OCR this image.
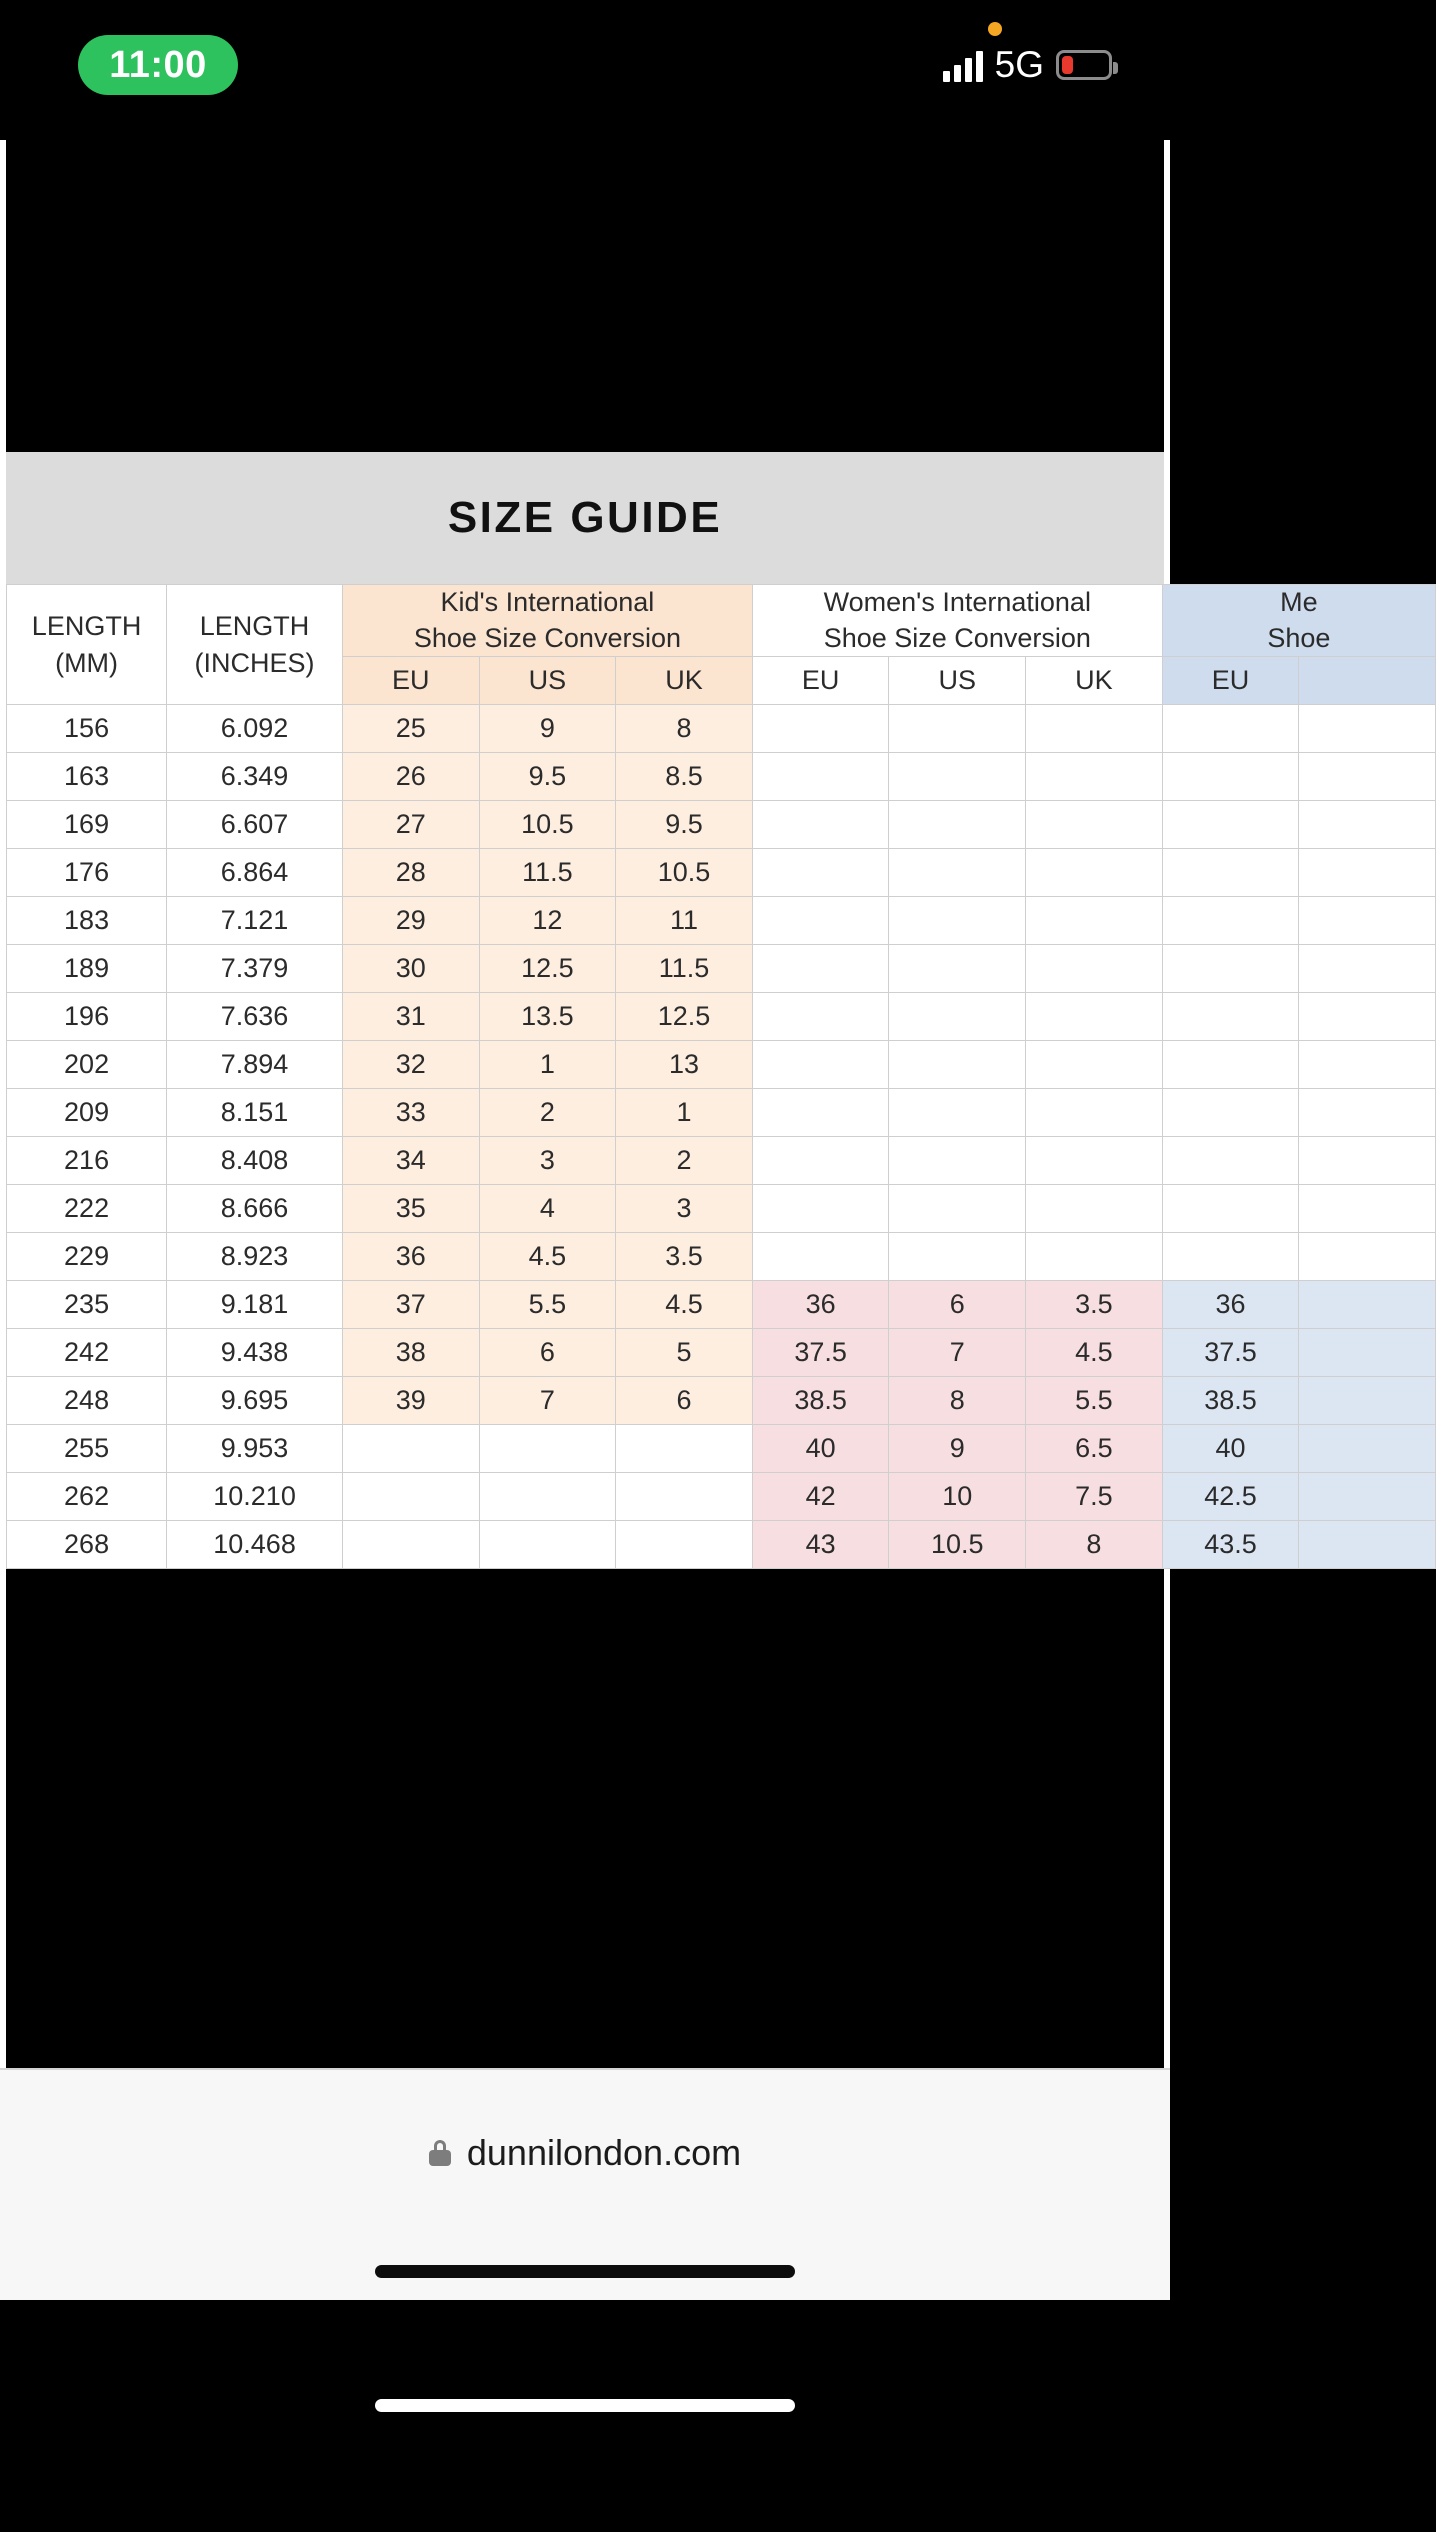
11:00	5G
SIZE GUIDE
LENGTH
(MM)

LENGTH
(INCHES)

Kid's International
Shoe Size Conversion

Women's International
Shoe Size Conversion

Me
Shoe

		EU	US	UK	EU	US	UK	EU	
156	6.092	25	9	8					
163	6.349	26	9.5	8.5					
169	6.607	27	10.5	9.5					
176	6.864	28	11.5	10.5					
183	7.121	29	12	11					
189	7.379	30	12.5	11.5					
196	7.636	31	13.5	12.5					
202	7.894	32	1	13					
209	8.151	33	2	1					
216	8.408	34	3	2					
222	8.666	35	4	3					
229	8.923	36	4.5	3.5					
235	9.181	37	5.5	4.5	36	6	3.5	36	
242	9.438	38	6	5	37.5	7	4.5	37.5	
248	9.695	39	7	6	38.5	8	5.5	38.5	
255	9.953				40	9	6.5	40	
262	10.210				42	10	7.5	42.5	
268	10.468				43	10.5	8	43.5	
dunnilondon.com
